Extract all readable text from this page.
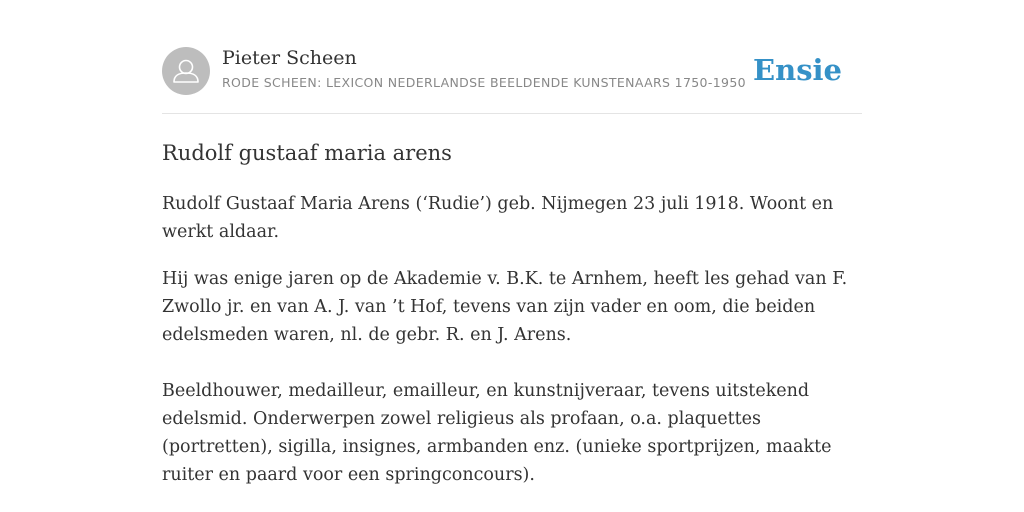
Pieter Scheen
RODE SCHEEN: LEXICON NEDERLANDSE BEELDENDE KUNSTENAARS 1750-1950 Ensie
Rudolf gustaaf maria arens

Rudolf Gustaaf Maria Arens (‘Rudie’) geb. Nijmegen 23 juli 1918. Woont en werkt aldaar.

Hij was enige jaren op de Akademie v. B.K. te Arnhem, heeft les gehad van F. Zwollo jr. en van A. J. van ’t Hof, tevens van zijn vader en oom, die beiden edelsmeden waren, nl. de gebr. R. en J. Arens.

Beeldhouwer, medailleur, emailleur, en kunstnijveraar, tevens uitstekend edelsmid. Onderwerpen zowel religieus als profaan, o.a. plaquettes (portretten), sigilla, insignes, armbanden enz. (unieke sportprijzen, maakte ruiter en paard voor een springconcours).
